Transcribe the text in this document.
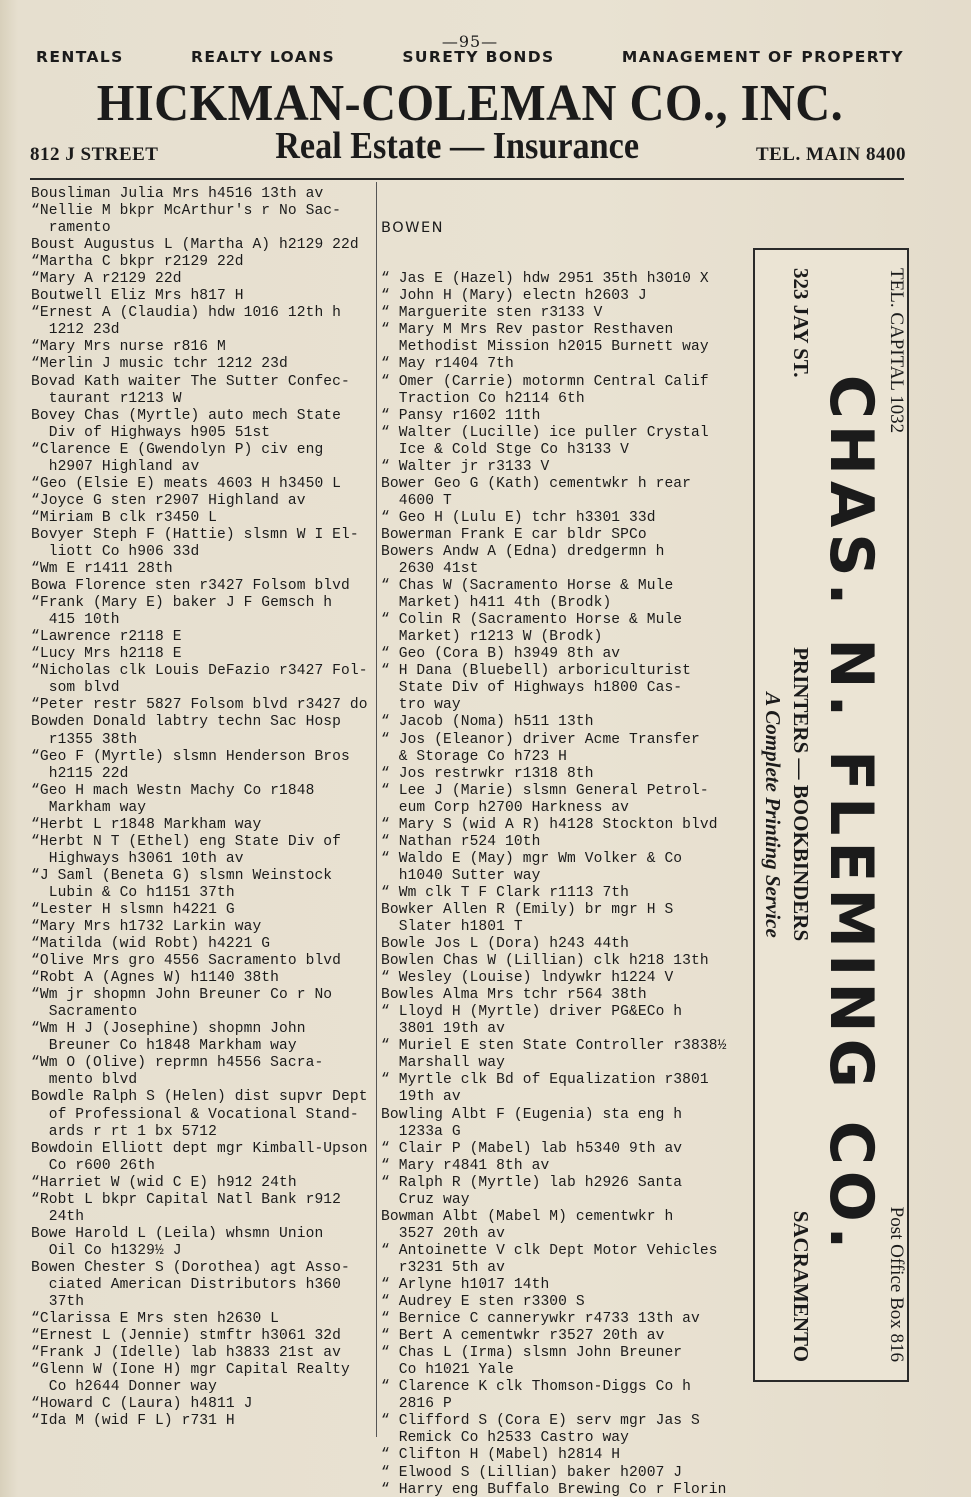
—95—
RENTALS	REALTY LOANS	SURETY BONDS	MANAGEMENT OF PROPERTY
HICKMAN-COLEMAN CO., INC.
812 J STREET	Real Estate — Insurance	TEL. MAIN 8400
Bousliman Julia Mrs h4516 13th av
“Nellie M bkpr McArthur's r No Sac-
ramento
Boust Augustus L (Martha A) h2129 22d
“Martha C bkpr r2129 22d
“Mary A r2129 22d
Boutwell Eliz Mrs h817 H
“Ernest A (Claudia) hdw 1016 12th h
1212 23d
“Mary Mrs nurse r816 M
“Merlin J music tchr 1212 23d
Bovad Kath waiter The Sutter Confec-
taurant r1213 W
Bovey Chas (Myrtle) auto mech State
Div of Highways h905 51st
“Clarence E (Gwendolyn P) civ eng
h2907 Highland av
“Geo (Elsie E) meats 4603 H h3450 L
“Joyce G sten r2907 Highland av
“Miriam B clk r3450 L
Bovyer Steph F (Hattie) slsmn W I El-
liott Co h906 33d
“Wm E r1411 28th
Bowa Florence sten r3427 Folsom blvd
“Frank (Mary E) baker J F Gemsch h
415 10th
“Lawrence r2118 E
“Lucy Mrs h2118 E
“Nicholas clk Louis DeFazio r3427 Fol-
som blvd
“Peter restr 5827 Folsom blvd r3427 do
Bowden Donald labtry techn Sac Hosp
r1355 38th
“Geo F (Myrtle) slsmn Henderson Bros
h2115 22d
“Geo H mach Westn Machy Co r1848
Markham way
“Herbt L r1848 Markham way
“Herbt N T (Ethel) eng State Div of
Highways h3061 10th av
“J Saml (Beneta G) slsmn Weinstock
Lubin & Co h1151 37th
“Lester H slsmn h4221 G
“Mary Mrs h1732 Larkin way
“Matilda (wid Robt) h4221 G
“Olive Mrs gro 4556 Sacramento blvd
“Robt A (Agnes W) h1140 38th
“Wm jr shopmn John Breuner Co r No
Sacramento
“Wm H J (Josephine) shopmn John
Breuner Co h1848 Markham way
“Wm O (Olive) reprmn h4556 Sacra-
mento blvd
Bowdle Ralph S (Helen) dist supvr Dept
of Professional & Vocational Stand-
ards r rt 1 bx 5712
Bowdoin Elliott dept mgr Kimball-Upson
Co r600 26th
“Harriet W (wid C E) h912 24th
“Robt L bkpr Capital Natl Bank r912
24th
Bowe Harold L (Leila) whsmn Union
Oil Co h1329½ J
Bowen Chester S (Dorothea) agt Asso-
ciated American Distributors h360
37th
“Clarissa E Mrs sten h2630 L
“Ernest L (Jennie) stmftr h3061 32d
“Frank J (Idelle) lab h3833 21st av
“Glenn W (Ione H) mgr Capital Realty
Co h2644 Donner way
“Howard C (Laura) h4811 J
“Ida M (wid F L) r731 H

BOWEN

“ Jas E (Hazel) hdw 2951 35th h3010 X
“ John H (Mary) electn h2603 J
“ Marguerite sten r3133 V
“ Mary M Mrs Rev pastor Resthaven
Methodist Mission h2015 Burnett way
“ May r1404 7th
“ Omer (Carrie) motormn Central Calif
Traction Co h2114 6th
“ Pansy r1602 11th
“ Walter (Lucille) ice puller Crystal
Ice & Cold Stge Co h3133 V
“ Walter jr r3133 V
Bower Geo G (Kath) cementwkr h rear
4600 T
“ Geo H (Lulu E) tchr h3301 33d
Bowerman Frank E car bldr SPCo
Bowers Andw A (Edna) dredgermn h
2630 41st
“ Chas W (Sacramento Horse & Mule
Market) h411 4th (Brodk)
“ Colin R (Sacramento Horse & Mule
Market) r1213 W (Brodk)
“ Geo (Cora B) h3949 8th av
“ H Dana (Bluebell) arboriculturist
State Div of Highways h1800 Cas-
tro way
“ Jacob (Noma) h511 13th
“ Jos (Eleanor) driver Acme Transfer
& Storage Co h723 H
“ Jos restrwkr r1318 8th
“ Lee J (Marie) slsmn General Petrol-
eum Corp h2700 Harkness av
“ Mary S (wid A R) h4128 Stockton blvd
“ Nathan r524 10th
“ Waldo E (May) mgr Wm Volker & Co
h1040 Sutter way
“ Wm clk T F Clark r1113 7th
Bowker Allen R (Emily) br mgr H S
Slater h1801 T
Bowle Jos L (Dora) h243 44th
Bowlen Chas W (Lillian) clk h218 13th
“ Wesley (Louise) lndywkr h1224 V
Bowles Alma Mrs tchr r564 38th
“ Lloyd H (Myrtle) driver PG&ECo h
3801 19th av
“ Muriel E sten State Controller r3838½
Marshall way
“ Myrtle clk Bd of Equalization r3801
19th av
Bowling Albt F (Eugenia) sta eng h
1233a G
“ Clair P (Mabel) lab h5340 9th av
“ Mary r4841 8th av
“ Ralph R (Myrtle) lab h2926 Santa
Cruz way
Bowman Albt (Mabel M) cementwkr h
3527 20th av
“ Antoinette V clk Dept Motor Vehicles
r3231 5th av
“ Arlyne h1017 14th
“ Audrey E sten r3300 S
“ Bernice C cannerywkr r4733 13th av
“ Bert A cementwkr r3527 20th av
“ Chas L (Irma) slsmn John Breuner
Co h1021 Yale
“ Clarence K clk Thomson-Diggs Co h
2816 P
“ Clifford S (Cora E) serv mgr Jas S
Remick Co h2533 Castro way
“ Clifton H (Mabel) h2814 H
“ Elwood S (Lillian) baker h2007 J
“ Harry eng Buffalo Brewing Co r Florin
TEL. CAPITAL 1032
Post Office Box 816
CHAS. N. FLEMING CO.
323 JAY ST.
PRINTERS — BOOKBINDERS
SACRAMENTO
A Complete Printing Service
